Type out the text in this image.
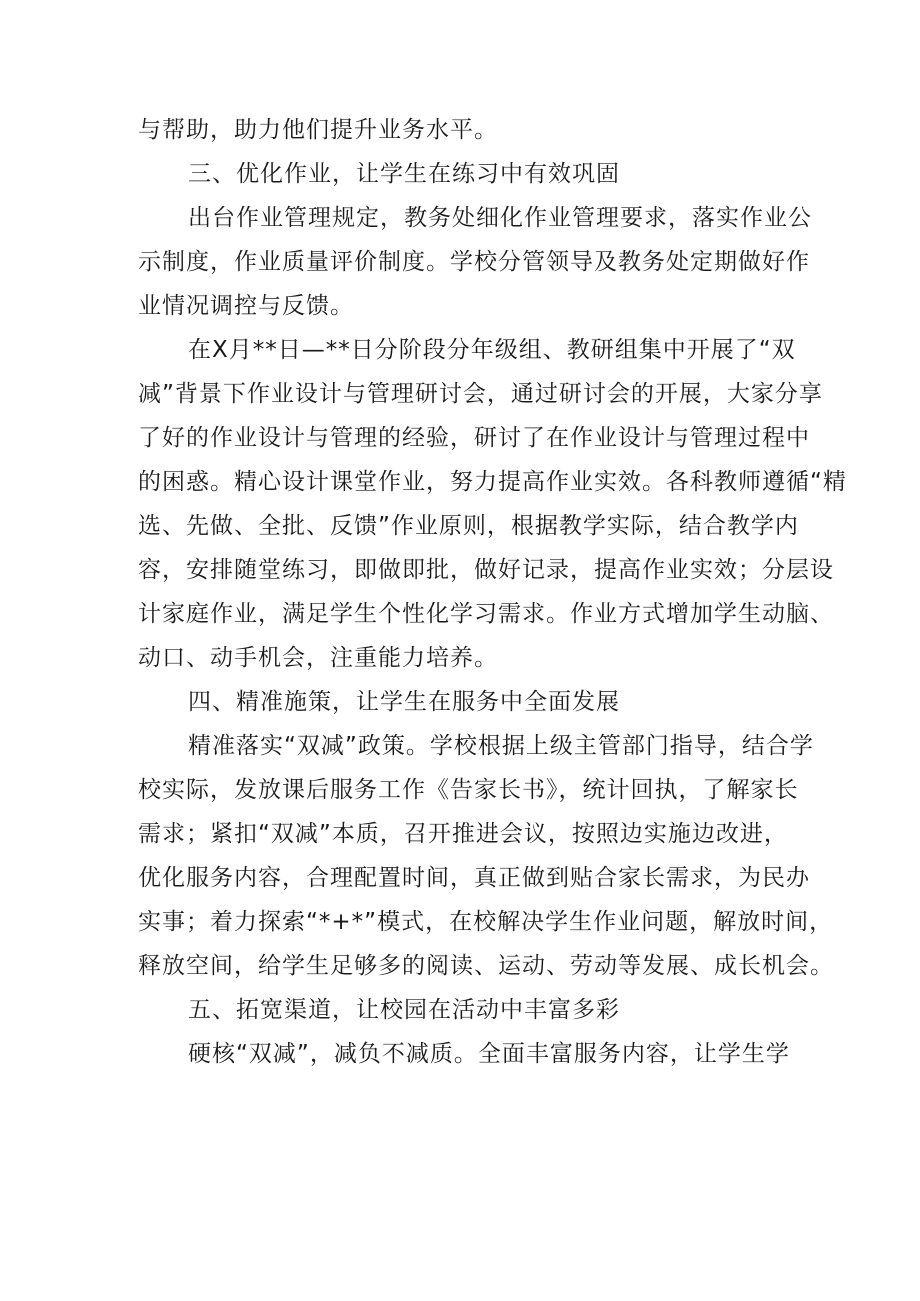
与帮助，助力他们提升业务水平。
三、优化作业，让学生在练习中有效巩固
出台作业管理规定，教务处细化作业管理要求，落实作业公
示制度，作业质量评价制度。学校分管领导及教务处定期做好作
业情况调控与反馈。
在X月**日—**日分阶段分年级组、教研组集中开展了“双
减”背景下作业设计与管理研讨会，通过研讨会的开展，大家分享
了好的作业设计与管理的经验，研讨了在作业设计与管理过程中
的困惑。精心设计课堂作业，努力提高作业实效。各科教师遵循“精
选、先做、全批、反馈”作业原则，根据教学实际，结合教学内
容，安排随堂练习，即做即批，做好记录，提高作业实效；分层设
计家庭作业，满足学生个性化学习需求。作业方式增加学生动脑、
动口、动手机会，注重能力培养。
四、精准施策，让学生在服务中全面发展
精准落实“双减”政策。学校根据上级主管部门指导，结合学
校实际，发放课后服务工作《告家长书》，统计回执，了解家长
需求；紧扣“双减”本质，召开推进会议，按照边实施边改进，
优化服务内容，合理配置时间，真正做到贴合家长需求，为民办
实事；着力探索“*+*”模式，在校解决学生作业问题，解放时间，
释放空间，给学生足够多的阅读、运动、劳动等发展、成长机会。
五、拓宽渠道，让校园在活动中丰富多彩
硬核“双减”，减负不减质。全面丰富服务内容，让学生学
